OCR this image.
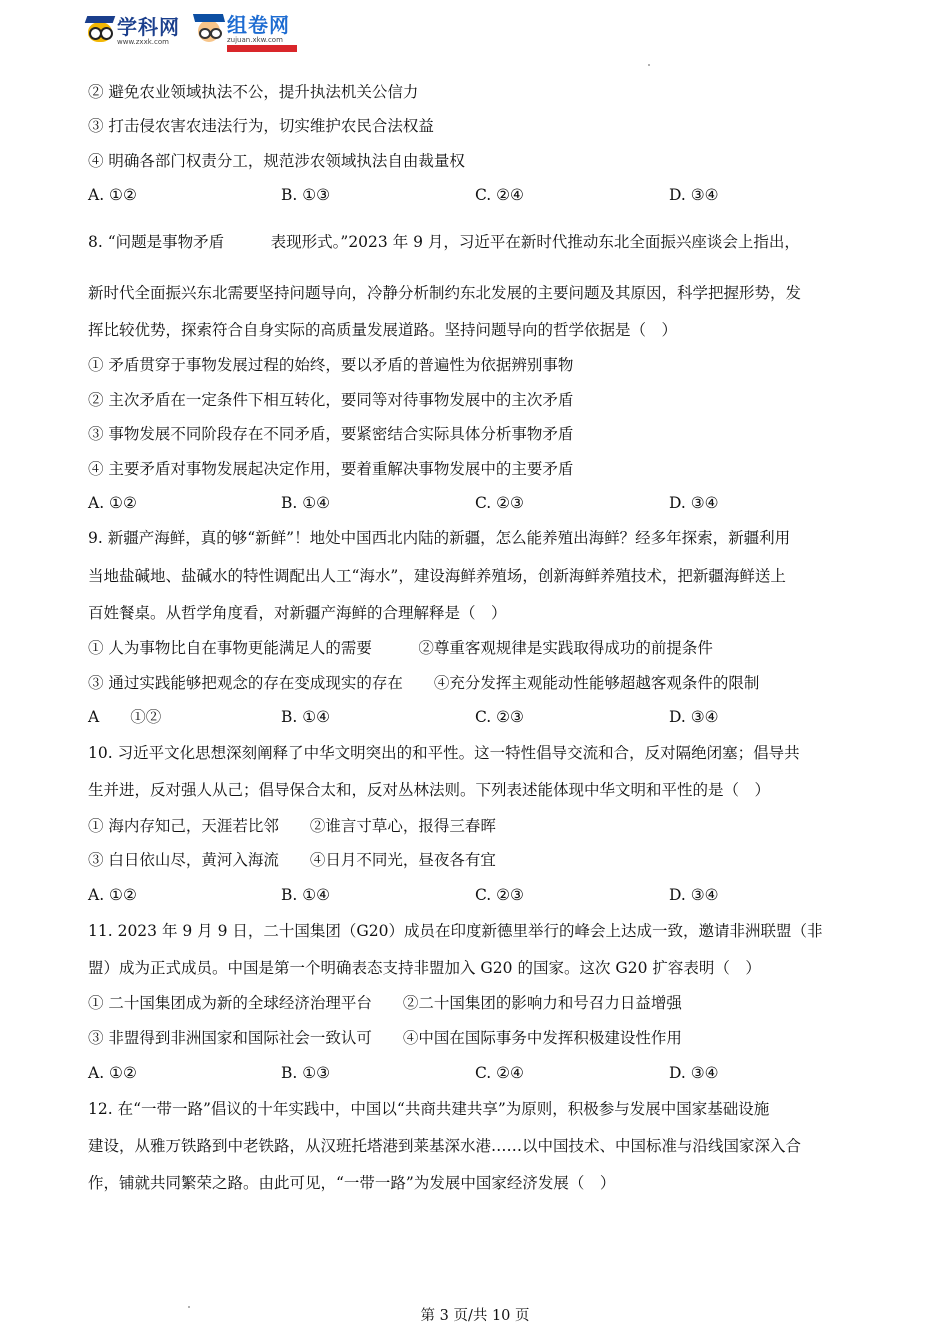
学科网
www.zxxk.com
组卷网
zujuan.xkw.com
② 避免农业领域执法不公，提升执法机关公信力
③ 打击侵农害农违法行为，切实维护农民合法权益
④ 明确各部门权责分工，规范涉农领域执法自由裁量权
A. ①②	B. ①③	C. ②④	D. ③④
8. “问题是事物矛盾　　　表现形式。”2023 年 9 月，习近平在新时代推动东北全面振兴座谈会上指出，
新时代全面振兴东北需要坚持问题导向，冷静分析制约东北发展的主要问题及其原因，科学把握形势，发
挥比较优势，探索符合自身实际的高质量发展道路。坚持问题导向的哲学依据是（　）
① 矛盾贯穿于事物发展过程的始终，要以矛盾的普遍性为依据辨别事物
② 主次矛盾在一定条件下相互转化，要同等对待事物发展中的主次矛盾
③ 事物发展不同阶段存在不同矛盾，要紧密结合实际具体分析事物矛盾
④ 主要矛盾对事物发展起决定作用，要着重解决事物发展中的主要矛盾
A. ①②	B. ①④	C. ②③	D. ③④
9. 新疆产海鲜，真的够“新鲜”！地处中国西北内陆的新疆，怎么能养殖出海鲜？经多年探索，新疆利用
当地盐碱地、盐碱水的特性调配出人工“海水”，建设海鲜养殖场，创新海鲜养殖技术，把新疆海鲜送上
百姓餐桌。从哲学角度看，对新疆产海鲜的合理解释是（　）
① 人为事物比自在事物更能满足人的需要　　　②尊重客观规律是实践取得成功的前提条件
③ 通过实践能够把观念的存在变成现实的存在　　④充分发挥主观能动性能够超越客观条件的限制
A　　①②	B. ①④	C. ②③	D. ③④
10. 习近平文化思想深刻阐释了中华文明突出的和平性。这一特性倡导交流和合，反对隔绝闭塞；倡导共
生并进，反对强人从己；倡导保合太和，反对丛林法则。下列表述能体现中华文明和平性的是（　）
① 海内存知己，天涯若比邻　　②谁言寸草心，报得三春晖
③ 白日依山尽，黄河入海流　　④日月不同光，昼夜各有宜
A. ①②	B. ①④	C. ②③	D. ③④
11. 2023 年 9 月 9 日，二十国集团（G20）成员在印度新德里举行的峰会上达成一致，邀请非洲联盟（非
盟）成为正式成员。中国是第一个明确表态支持非盟加入 G20 的国家。这次 G20 扩容表明（　）
① 二十国集团成为新的全球经济治理平台　　②二十国集团的影响力和号召力日益增强
③ 非盟得到非洲国家和国际社会一致认可　　④中国在国际事务中发挥积极建设性作用
A. ①②	B. ①③	C. ②④	D. ③④
12. 在“一带一路”倡议的十年实践中，中国以“共商共建共享”为原则，积极参与发展中国家基础设施
建设，从雅万铁路到中老铁路，从汉班托塔港到莱基深水港……以中国技术、中国标准与沿线国家深入合
作，铺就共同繁荣之路。由此可见，“一带一路”为发展中国家经济发展（　）
第 3 页/共 10 页
